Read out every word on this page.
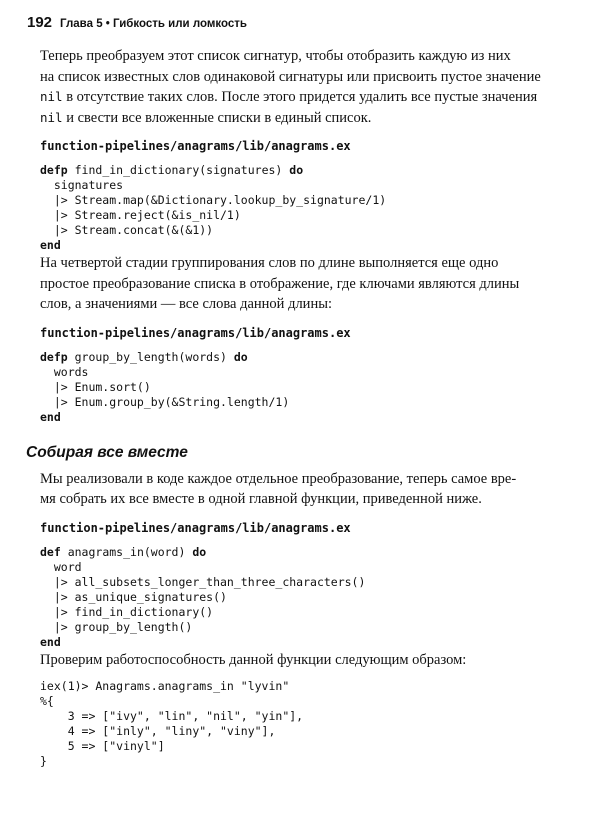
192 Глава 5 • Гибкость или ломкость

Теперь преобразуем этот список сигнатур, чтобы отобразить каждую из них
на список известных слов одинаковой сигнатуры или присвоить пустое значение
nil в отсутствие таких слов. После этого придется удалить все пустые значения
nil и свести все вложенные списки в единый список.

function-pipelines/anagrams/lib/anagrams.ex
defp find_in_dictionary(signatures) do
signatures
|> Stream.map(&Dictionary.lookup_by_signature/1)
|> Stream.reject(&is_nil/1)
|> Stream.concat(&(&1))
end

На четвертой стадии группирования слов по длине выполняется еще одно
простое преобразование списка в отображение, где ключами являются длины
слов, а значениями — все слова данной длины:

function-pipelines/anagrams/lib/anagrams.ex
defp group_by_length(words) do
words
|> Enum.sort()
|> Enum.group_by(&String.length/1)
end
Собирая все вместе

Мы реализовали в коде каждое отдельное преобразование, теперь самое вре-
мя собрать их все вместе в одной главной функции, приведенной ниже.

function-pipelines/anagrams/lib/anagrams.ex
def anagrams_in(word) do
word
|> all_subsets_longer_than_three_characters()
|> as_unique_signatures()
|> find_in_dictionary()
|> group_by_length()
end

Проверим работоспособность данной функции следующим образом:

iex(1)> Anagrams.anagrams_in "lyvin"
%{
3 => ["ivy", "lin", "nil", "yin"],
4 => ["inly", "liny", "viny"],
5 => ["vinyl"]
}
